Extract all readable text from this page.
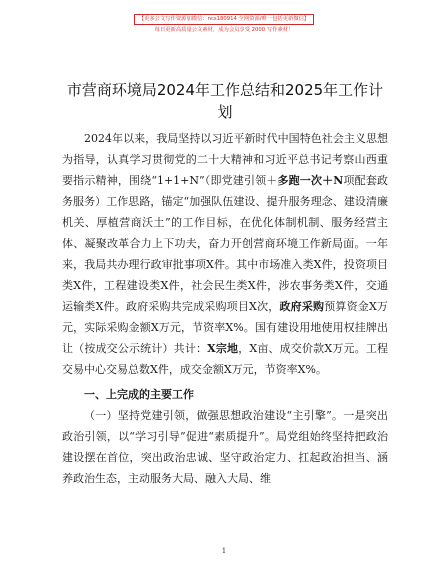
【更多公文写作资源加微信：ncs180914 全网资源/唯一包括更新微信】
每日更新高质量公文素材，成为会员享受 2000 写作素材！
市营商环境局2024年工作总结和2025年工作计划

2024年以来，我局坚持以习近平新时代中国特色社会主义思想为指导，认真学习贯彻党的二十大精神和习近平总书记考察山西重要指示精神，围绕“1+1+N”（即党建引领＋多跑一次＋N项配套政务服务）工作思路，锚定“加强队伍建设、提升服务理念、建设清廉机关、厚植营商沃土”的工作目标，在优化体制机制、服务经营主体、凝聚改革合力上下功夫，奋力开创营商环境工作新局面。一年来，我局共办理行政审批事项X件。其中市场准入类X件，投资项目类X件，工程建设类X件，社会民生类X件，涉农事务类X件，交通运输类X件。政府采购共完成采购项目X次，政府采购预算资金X万元，实际采购金额X万元，节资率X%。国有建设用地使用权挂牌出让（按成交公示统计）共计：X宗地，X亩、成交价款X万元。工程交易中心交易总数X件，成交金额X万元，节资率X%。

一、上完成的主要工作

（一）坚持党建引领，做强思想政治建设“主引擎”。一是突出政治引领，以“学习引导”促进“素质提升”。局党组始终坚持把政治建设摆在首位，突出政治忠诚、坚守政治定力、扛起政治担当、涵养政治生态，主动服务大局、融入大局、维

1
